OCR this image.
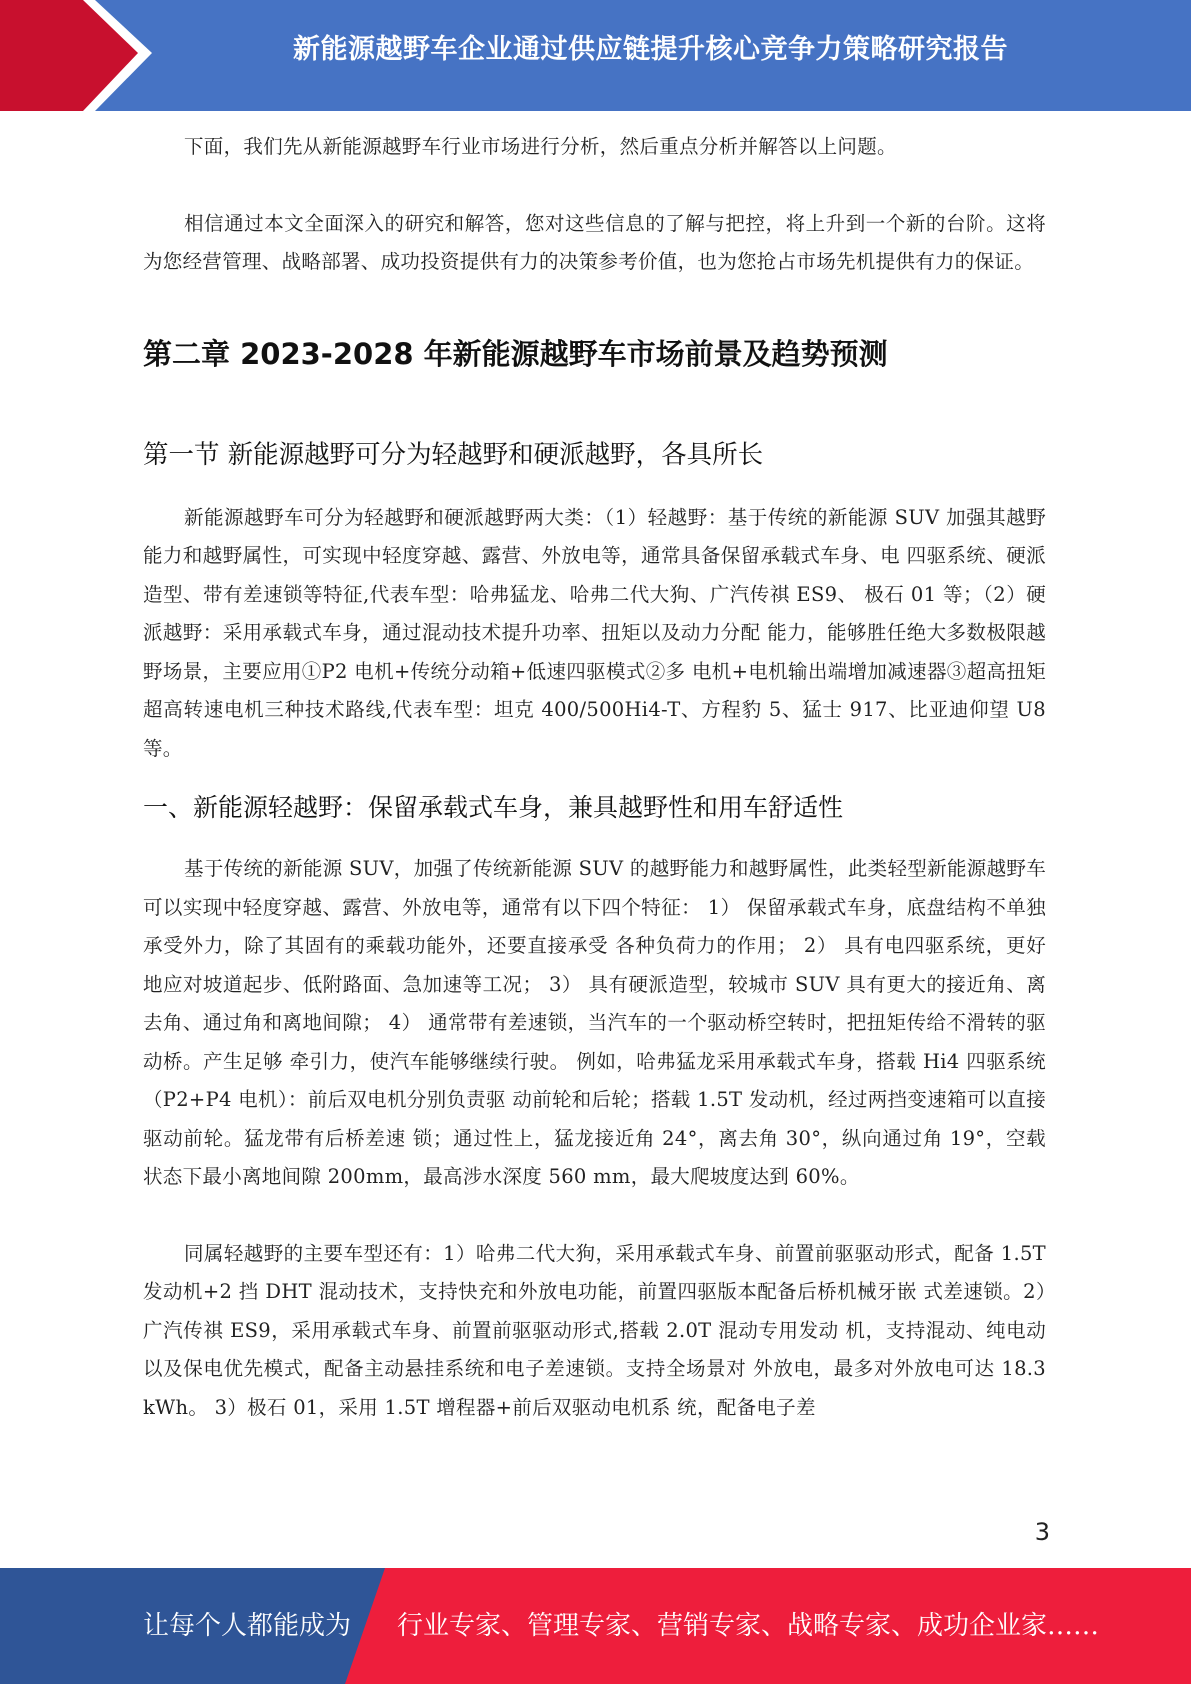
新能源越野车企业通过供应链提升核心竞争力策略研究报告

下面，我们先从新能源越野车行业市场进行分析，然后重点分析并解答以上问题。

相信通过本文全面深入的研究和解答，您对这些信息的了解与把控，将上升到一个新的台阶。这将为您经营管理、战略部署、成功投资提供有力的决策参考价值，也为您抢占市场先机提供有力的保证。

第二章 2023-2028 年新能源越野车市场前景及趋势预测
第一节 新能源越野可分为轻越野和硬派越野，各具所长

新能源越野车可分为轻越野和硬派越野两大类：（1）轻越野：基于传统的新能源 SUV 加强其越野能力和越野属性，可实现中轻度穿越、露营、外放电等，通常具备保留承载式车身、电 四驱系统、硬派造型、带有差速锁等特征,代表车型：哈弗猛龙、哈弗二代大狗、广汽传祺 ES9、 极石 01 等；（2）硬派越野：采用承载式车身，通过混动技术提升功率、扭矩以及动力分配 能力，能够胜任绝大多数极限越野场景，主要应用①P2 电机+传统分动箱+低速四驱模式②多 电机+电机输出端增加减速器③超高扭矩超高转速电机三种技术路线,代表车型：坦克 400/500Hi4-T、方程豹 5、猛士 917、比亚迪仰望 U8 等。

一、新能源轻越野：保留承载式车身，兼具越野性和用车舒适性

基于传统的新能源 SUV，加强了传统新能源 SUV 的越野能力和越野属性，此类轻型新能源越野车可以实现中轻度穿越、露营、外放电等，通常有以下四个特征： 1） 保留承载式车身，底盘结构不单独承受外力，除了其固有的乘载功能外，还要直接承受 各种负荷力的作用； 2） 具有电四驱系统，更好地应对坡道起步、低附路面、急加速等工况； 3） 具有硬派造型，较城市 SUV 具有更大的接近角、离去角、通过角和离地间隙； 4） 通常带有差速锁，当汽车的一个驱动桥空转时，把扭矩传给不滑转的驱动桥。产生足够 牵引力，使汽车能够继续行驶。 例如，哈弗猛龙采用承载式车身，搭载 Hi4 四驱系统（P2+P4 电机）：前后双电机分别负责驱 动前轮和后轮；搭载 1.5T 发动机，经过两挡变速箱可以直接驱动前轮。猛龙带有后桥差速 锁；通过性上，猛龙接近角 24°，离去角 30°，纵向通过角 19°，空载状态下最小离地间隙 200mm，最高涉水深度 560 mm，最大爬坡度达到 60%。

同属轻越野的主要车型还有：1）哈弗二代大狗，采用承载式车身、前置前驱驱动形式，配备 1.5T 发动机+2 挡 DHT 混动技术，支持快充和外放电功能，前置四驱版本配备后桥机械牙嵌 式差速锁。2）广汽传祺 ES9，采用承载式车身、前置前驱驱动形式,搭载 2.0T 混动专用发动 机，支持混动、纯电动以及保电优先模式，配备主动悬挂系统和电子差速锁。支持全场景对 外放电，最多对外放电可达 18.3 kWh。 3）极石 01，采用 1.5T 增程器+前后双驱动电机系 统，配备电子差

3
让每个人都能成为 行业专家、管理专家、营销专家、战略专家、成功企业家……
